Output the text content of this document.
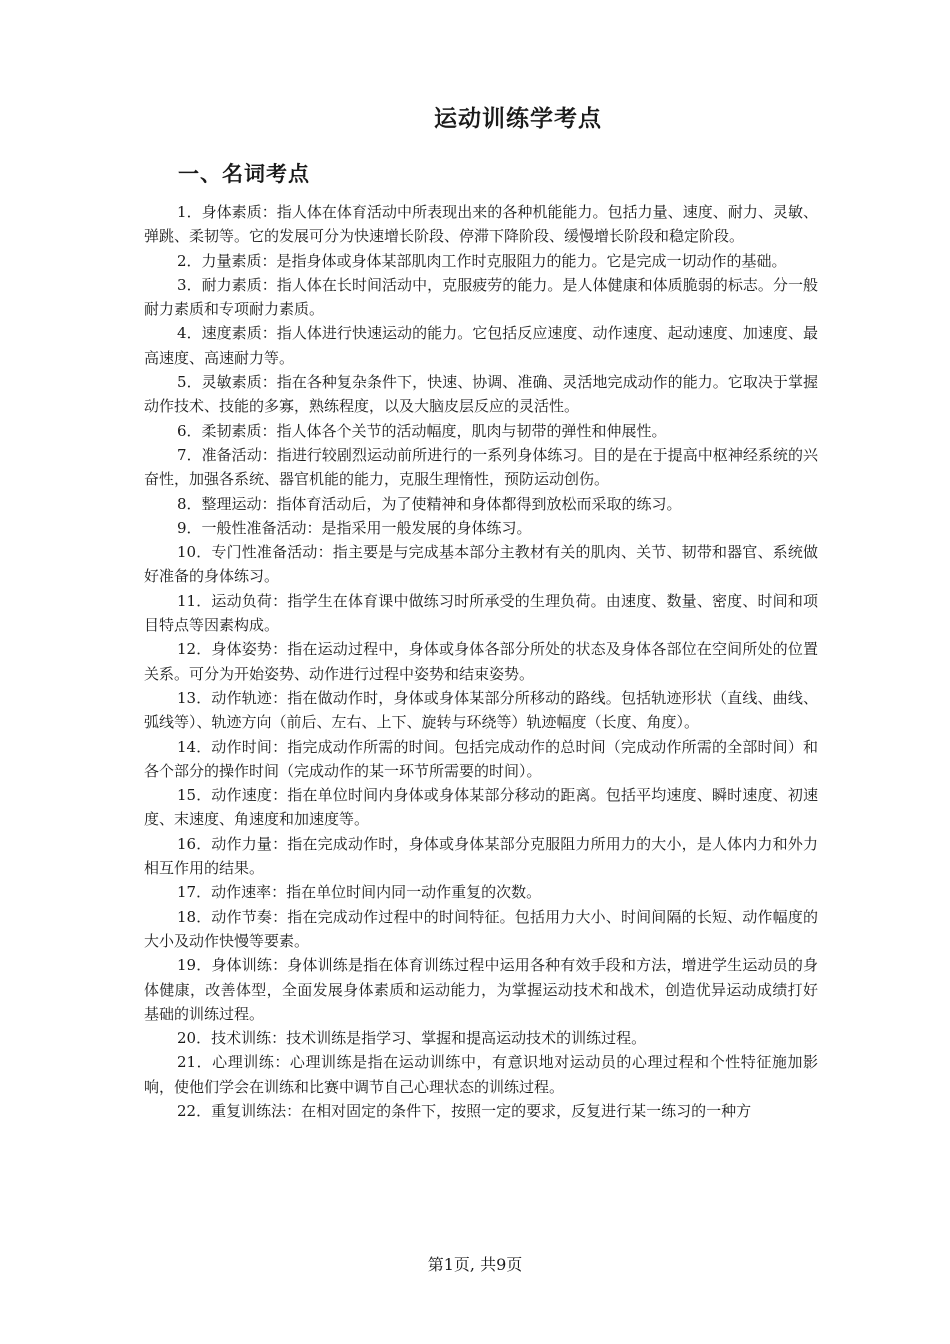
运动训练学考点
一、名词考点

1．身体素质：指人体在体育活动中所表现出来的各种机能能力。包括力量、速度、耐力、灵敏、弹跳、柔韧等。它的发展可分为快速增长阶段、停滞下降阶段、缓慢增长阶段和稳定阶段。

2．力量素质：是指身体或身体某部肌肉工作时克服阻力的能力。它是完成一切动作的基础。

3．耐力素质：指人体在长时间活动中，克服疲劳的能力。是人体健康和体质脆弱的标志。分一般耐力素质和专项耐力素质。

4．速度素质：指人体进行快速运动的能力。它包括反应速度、动作速度、起动速度、加速度、最高速度、高速耐力等。

5．灵敏素质：指在各种复杂条件下，快速、协调、准确、灵活地完成动作的能力。它取决于掌握动作技术、技能的多寡，熟练程度，以及大脑皮层反应的灵活性。

6．柔韧素质：指人体各个关节的活动幅度，肌肉与韧带的弹性和伸展性。

7．准备活动：指进行较剧烈运动前所进行的一系列身体练习。目的是在于提高中枢神经系统的兴奋性，加强各系统、器官机能的能力，克服生理惰性，预防运动创伤。

8．整理运动：指体育活动后，为了使精神和身体都得到放松而采取的练习。

9．一般性准备活动：是指采用一般发展的身体练习。

10．专门性准备活动：指主要是与完成基本部分主教材有关的肌肉、关节、韧带和器官、系统做好准备的身体练习。

11．运动负荷：指学生在体育课中做练习时所承受的生理负荷。由速度、数量、密度、时间和项目特点等因素构成。

12．身体姿势：指在运动过程中，身体或身体各部分所处的状态及身体各部位在空间所处的位置关系。可分为开始姿势、动作进行过程中姿势和结束姿势。

13．动作轨迹：指在做动作时，身体或身体某部分所移动的路线。包括轨迹形状（直线、曲线、弧线等）、轨迹方向（前后、左右、上下、旋转与环绕等）轨迹幅度（长度、角度）。

14．动作时间：指完成动作所需的时间。包括完成动作的总时间（完成动作所需的全部时间）和各个部分的操作时间（完成动作的某一环节所需要的时间）。

15．动作速度：指在单位时间内身体或身体某部分移动的距离。包括平均速度、瞬时速度、初速度、末速度、角速度和加速度等。

16．动作力量：指在完成动作时，身体或身体某部分克服阻力所用力的大小，是人体内力和外力相互作用的结果。

17．动作速率：指在单位时间内同一动作重复的次数。

18．动作节奏：指在完成动作过程中的时间特征。包括用力大小、时间间隔的长短、动作幅度的大小及动作快慢等要素。

19．身体训练：身体训练是指在体育训练过程中运用各种有效手段和方法，增进学生运动员的身体健康，改善体型，全面发展身体素质和运动能力，为掌握运动技术和战术，创造优异运动成绩打好基础的训练过程。

20．技术训练：技术训练是指学习、掌握和提高运动技术的训练过程。

21．心理训练：心理训练是指在运动训练中，有意识地对运动员的心理过程和个性特征施加影响，使他们学会在训练和比赛中调节自己心理状态的训练过程。

22．重复训练法：在相对固定的条件下，按照一定的要求，反复进行某一练习的一种方

第1页, 共9页
